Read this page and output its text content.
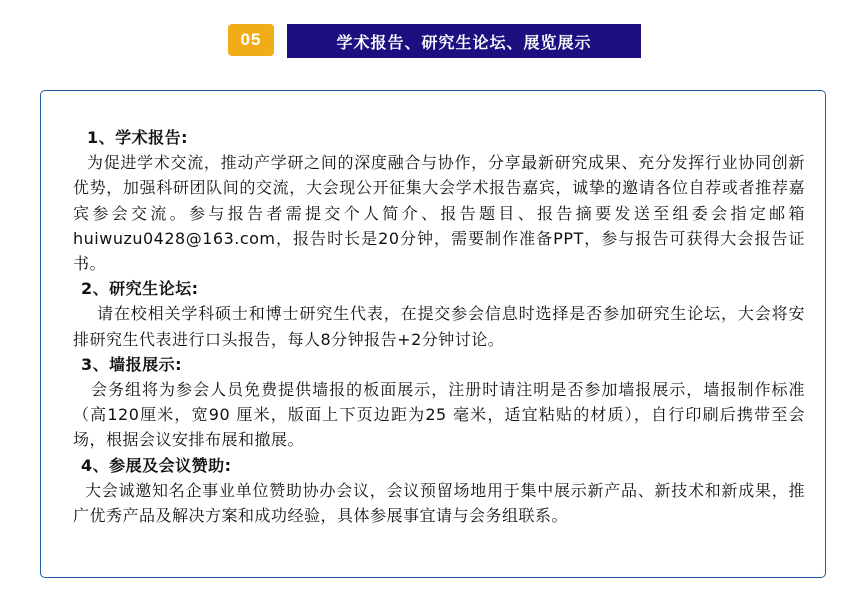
05	学术报告、研究生论坛、展览展示

1、学术报告:

为促进学术交流，推动产学研之间的深度融合与协作，分享最新研究成果、充分发挥行业协同创新优势，加强科研团队间的交流，大会现公开征集大会学术报告嘉宾，诚挚的邀请各位自荐或者推荐嘉宾参会交流。参与报告者需提交个人简介、报告题目、报告摘要发送至组委会指定邮箱huiwuzu0428@163.com，报告时长是20分钟，需要制作准备PPT，参与报告可获得大会报告证书。

2、研究生论坛:

请在校相关学科硕士和博士研究生代表，在提交参会信息时选择是否参加研究生论坛，大会将安排研究生代表进行口头报告，每人8分钟报告+2分钟讨论。

3、墙报展示:

会务组将为参会人员免费提供墙报的板面展示，注册时请注明是否参加墙报展示，墙报制作标准（高120厘米，宽90 厘米，版面上下页边距为25 毫米，适宜粘贴的材质），自行印刷后携带至会场，根据会议安排布展和撤展。

4、参展及会议赞助:

大会诚邀知名企事业单位赞助协办会议，会议预留场地用于集中展示新产品、新技术和新成果，推广优秀产品及解决方案和成功经验，具体参展事宜请与会务组联系。
